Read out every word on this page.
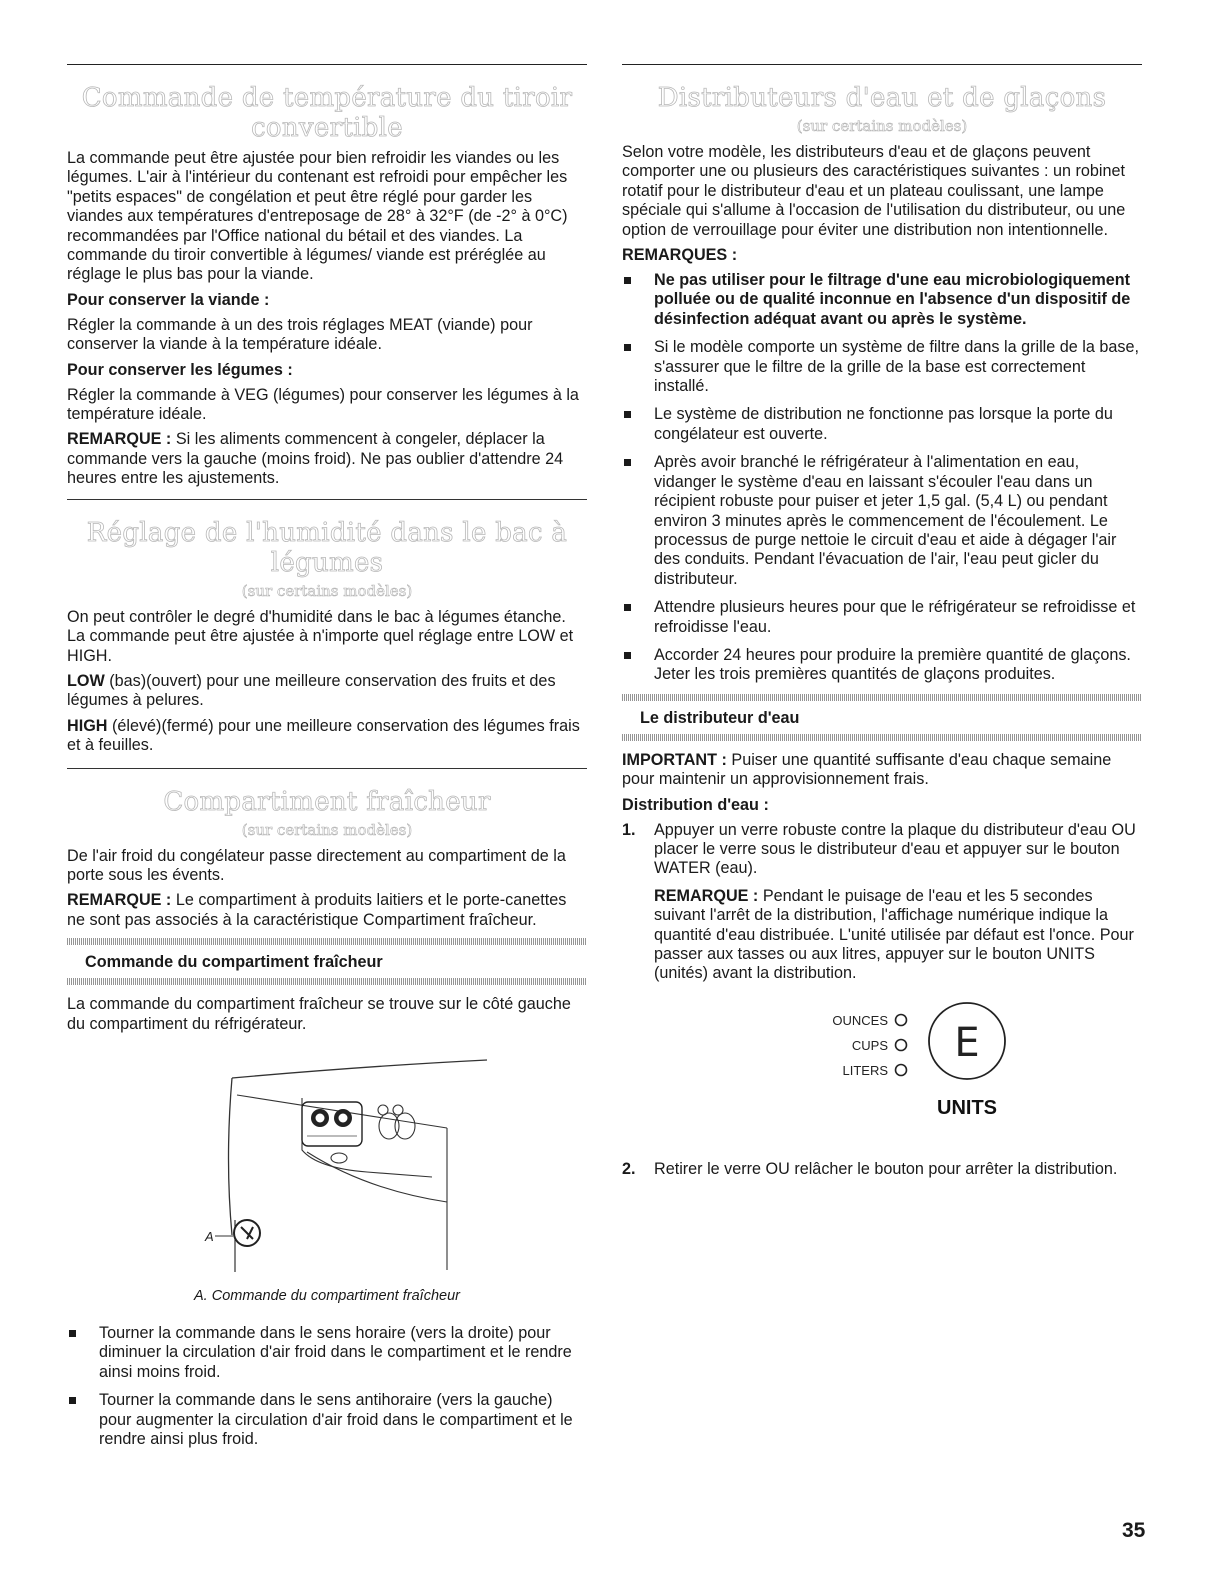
Commande de température du tiroir convertible

La commande peut être ajustée pour bien refroidir les viandes ou les légumes. L'air à l'intérieur du contenant est refroidi pour empêcher les "petits espaces" de congélation et peut être réglé pour garder les viandes aux températures d'entreposage de 28° à 32°F (de -2° à 0°C) recommandées par l'Office national du bétail et des viandes. La commande du tiroir convertible à légumes/ viande est préréglée au réglage le plus bas pour la viande.

Pour conserver la viande :

Régler la commande à un des trois réglages MEAT (viande) pour conserver la viande à la température idéale.

Pour conserver les légumes :

Régler la commande à VEG (légumes) pour conserver les légumes à la température idéale.

REMARQUE : Si les aliments commencent à congeler, déplacer la commande vers la gauche (moins froid). Ne pas oublier d'attendre 24 heures entre les ajustements.

Réglage de l'humidité dans le bac à légumes
(sur certains modèles)

On peut contrôler le degré d'humidité dans le bac à légumes étanche. La commande peut être ajustée à n'importe quel réglage entre LOW et HIGH.

LOW (bas)(ouvert) pour une meilleure conservation des fruits et des légumes à pelures.

HIGH (élevé)(fermé) pour une meilleure conservation des légumes frais et à feuilles.

Compartiment fraîcheur
(sur certains modèles)

De l'air froid du congélateur passe directement au compartiment de la porte sous les évents.

REMARQUE : Le compartiment à produits laitiers et le porte-canettes ne sont pas associés à la caractéristique Compartiment fraîcheur.

Commande du compartiment fraîcheur

La commande du compartiment fraîcheur se trouve sur le côté gauche du compartiment du réfrigérateur.

A
A. Commande du compartiment fraîcheur
Tourner la commande dans le sens horaire (vers la droite) pour diminuer la circulation d'air froid dans le compartiment et le rendre ainsi moins froid.
Tourner la commande dans le sens antihoraire (vers la gauche) pour augmenter la circulation d'air froid dans le compartiment et le rendre ainsi plus froid.
Distributeurs d'eau et de glaçons
(sur certains modèles)

Selon votre modèle, les distributeurs d'eau et de glaçons peuvent comporter une ou plusieurs des caractéristiques suivantes : un robinet rotatif pour le distributeur d'eau et un plateau coulissant, une lampe spéciale qui s'allume à l'occasion de l'utilisation du distributeur, ou une option de verrouillage pour éviter une distribution non intentionnelle.

REMARQUES :
Ne pas utiliser pour le filtrage d'une eau microbiologiquement polluée ou de qualité inconnue en l'absence d'un dispositif de désinfection adéquat avant ou après le système.
Si le modèle comporte un système de filtre dans la grille de la base, s'assurer que le filtre de la grille de la base est correctement installé.
Le système de distribution ne fonctionne pas lorsque la porte du congélateur est ouverte.
Après avoir branché le réfrigérateur à l'alimentation en eau, vidanger le système d'eau en laissant s'écouler l'eau dans un récipient robuste pour puiser et jeter 1,5 gal. (5,4 L) ou pendant environ 3 minutes après le commencement de l'écoulement. Le processus de purge nettoie le circuit d'eau et aide à dégager l'air des conduits. Pendant l'évacuation de l'air, l'eau peut gicler du distributeur.
Attendre plusieurs heures pour que le réfrigérateur se refroidisse et refroidisse l'eau.
Accorder 24 heures pour produire la première quantité de glaçons. Jeter les trois premières quantités de glaçons produites.
Le distributeur d'eau

IMPORTANT : Puiser une quantité suffisante d'eau chaque semaine pour maintenir un approvisionnement frais.

Distribution d'eau :
1. Appuyer un verre robuste contre la plaque du distributeur d'eau OU placer le verre sous le distributeur d'eau et appuyer sur le bouton WATER (eau).

REMARQUE : Pendant le puisage de l'eau et les 5 secondes suivant l'arrêt de la distribution, l'affichage numérique indique la quantité d'eau distribuée. L'unité utilisée par défaut est l'once. Pour passer aux tasses ou aux litres, appuyer sur le bouton UNITS (unités) avant la distribution.

OUNCES
CUPS
LITERS
E
UNITS
2. Retirer le verre OU relâcher le bouton pour arrêter la distribution.
35
